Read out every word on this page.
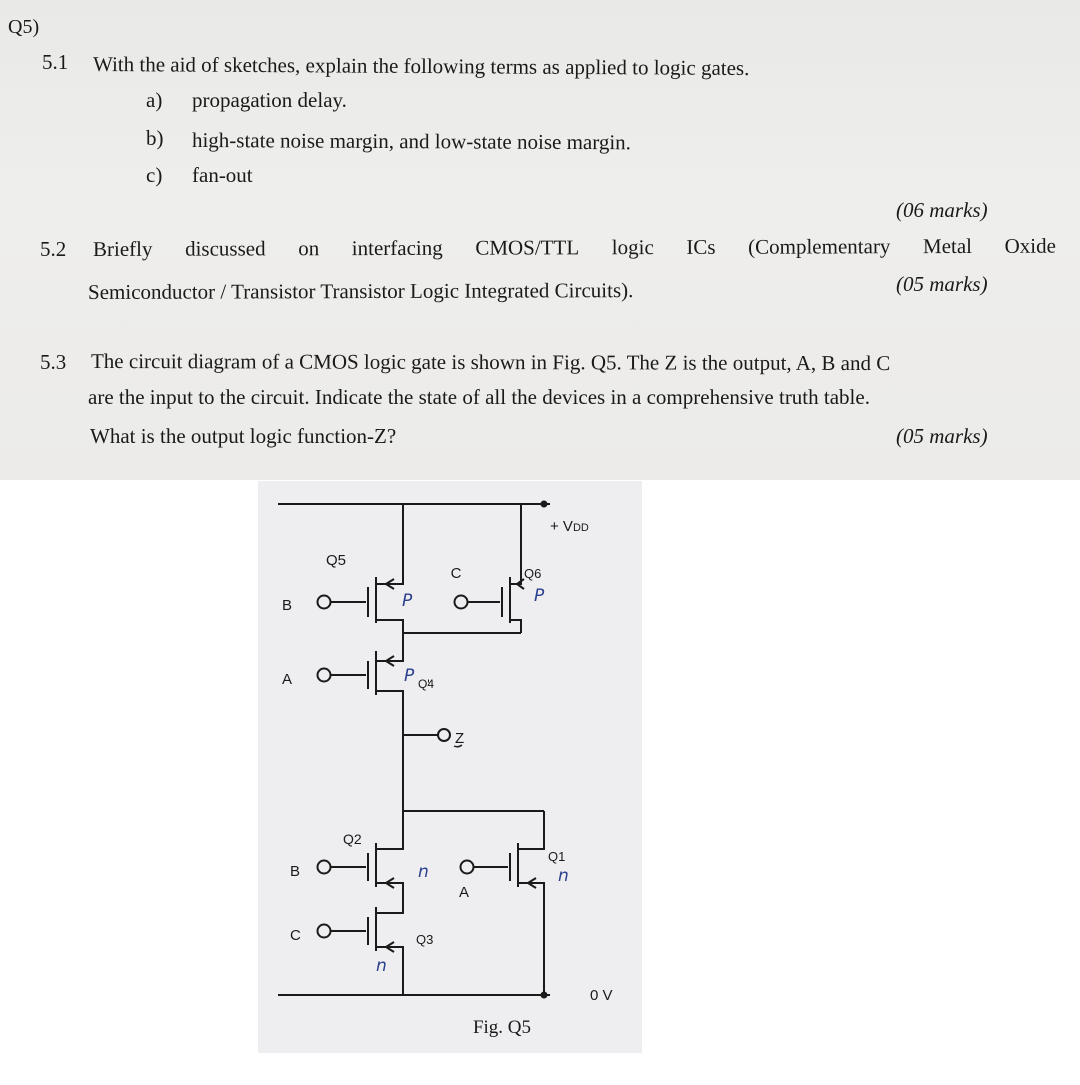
Q5)
5.1 With the aid of sketches, explain the following terms as applied to logic gates.
a) propagation delay.
b) high-state noise margin, and low-state noise margin.
c) fan-out
(06 marks)
5.2 Briefly discussed on interfacing CMOS/TTL logic ICs (Complementary Metal Oxide
Semiconductor / Transistor Transistor Logic Integrated Circuits).	(05 marks)
5.3 The circuit diagram of a CMOS logic gate is shown in Fig. Q5. The Z is the output, A, B and C
are the input to the circuit. Indicate the state of all the devices in a comprehensive truth table.
What is the output logic function-Z?	(05 marks)
B
A
C
B
C
A
Q5
Q6
Q4
Q2
Q1
Q3
P	P
P
n	n
n
+ VDD
0 V
Z
Fig. Q5
